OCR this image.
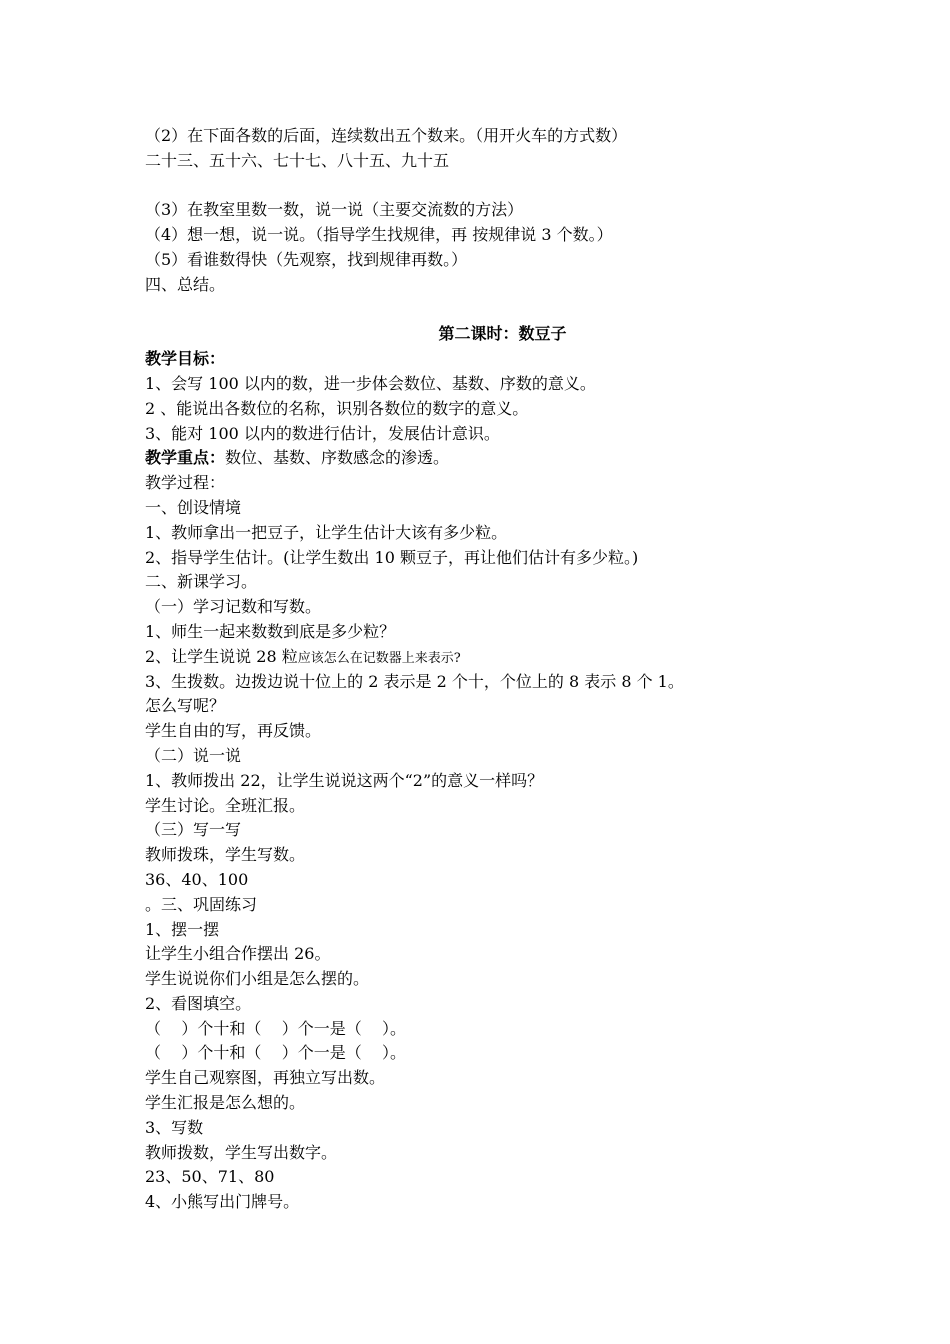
（2）在下面各数的后面，连续数出五个数来。（用开火车的方式数）
二十三、五十六、七十七、八十五、九十五
（3）在教室里数一数，说一说（主要交流数的方法）
（4）想一想，说一说。（指导学生找规律，再 按规律说 3 个数。）
（5）看谁数得快（先观察，找到规律再数。）
四、总结。
第二课时：数豆子
教学目标：
1、会写 100 以内的数，进一步体会数位、基数、序数的意义。
2 、能说出各数位的名称，识别各数位的数字的意义。
3、能对 100 以内的数进行估计，发展估计意识。
教学重点：数位、基数、序数感念的渗透。
教学过程：
一、创设情境
1、教师拿出一把豆子，让学生估计大该有多少粒。
2、指导学生估计。(让学生数出 10 颗豆子，再让他们估计有多少粒。)
二、新课学习。
（一）学习记数和写数。
1、师生一起来数数到底是多少粒？
2、让学生说说 28 粒应该怎么在记数器上来表示?
3、生拨数。边拨边说十位上的 2 表示是 2 个十，个位上的 8 表示 8 个 1。
怎么写呢？
学生自由的写，再反馈。
（二）说一说
1、教师拨出 22，让学生说说这两个“2”的意义一样吗？
学生讨论。全班汇报。
（三）写一写
教师拨珠，学生写数。
36、40、100
。三、巩固练习
1、摆一摆
让学生小组合作摆出 26。
学生说说你们小组是怎么摆的。
2、看图填空。
（    ）个十和（    ）个一是（    ）。
（    ）个十和（    ）个一是（    ）。
学生自己观察图，再独立写出数。
学生汇报是怎么想的。
3、写数
教师拨数，学生写出数字。
23、50、71、80
4、小熊写出门牌号。
